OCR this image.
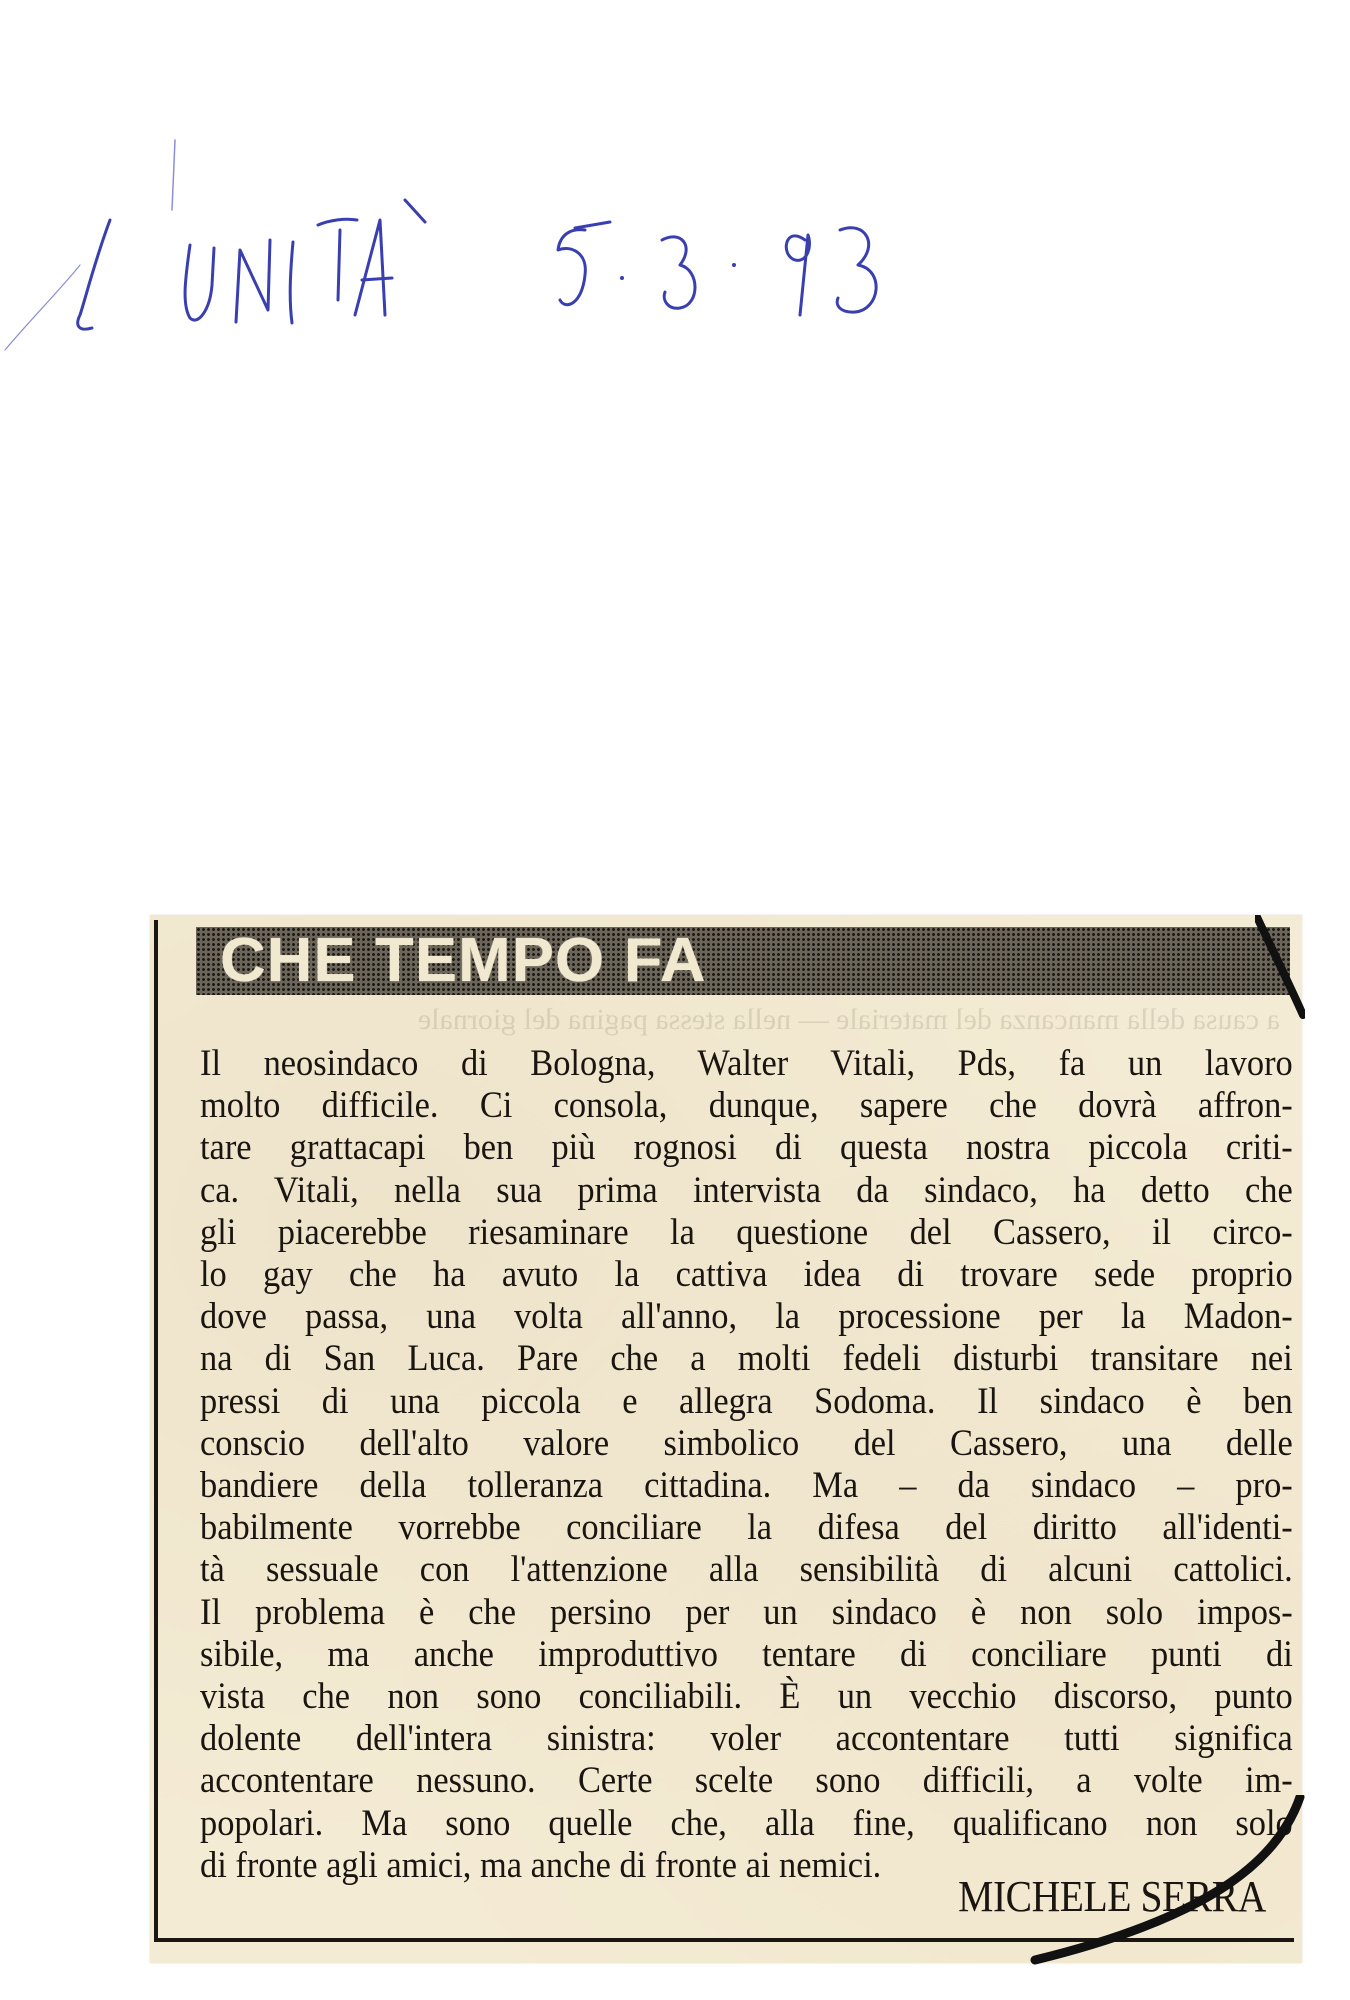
CHE TEMPO FA
a causa della mancanza del materiale — nella stessa pagina del giornale
Il neosindaco di Bologna, Walter Vitali, Pds, fa un lavoro
molto difficile. Ci consola, dunque, sapere che dovrà affron-
tare grattacapi ben più rognosi di questa nostra piccola criti-
ca. Vitali, nella sua prima intervista da sindaco, ha detto che
gli piacerebbe riesaminare la questione del Cassero, il circo-
lo gay che ha avuto la cattiva idea di trovare sede proprio
dove passa, una volta all'anno, la processione per la Madon-
na di San Luca. Pare che a molti fedeli disturbi transitare nei
pressi di una piccola e allegra Sodoma. Il sindaco è ben
conscio dell'alto valore simbolico del Cassero, una delle
bandiere della tolleranza cittadina. Ma – da sindaco – pro-
babilmente vorrebbe conciliare la difesa del diritto all'identi-
tà sessuale con l'attenzione alla sensibilità di alcuni cattolici.
Il problema è che persino per un sindaco è non solo impos-
sibile, ma anche improduttivo tentare di conciliare punti di
vista che non sono conciliabili. È un vecchio discorso, punto
dolente dell'intera sinistra: voler accontentare tutti significa
accontentare nessuno. Certe scelte sono difficili, a volte im-
popolari. Ma sono quelle che, alla fine, qualificano non solo
di fronte agli amici, ma anche di fronte ai nemici.
MICHELE SERRA
